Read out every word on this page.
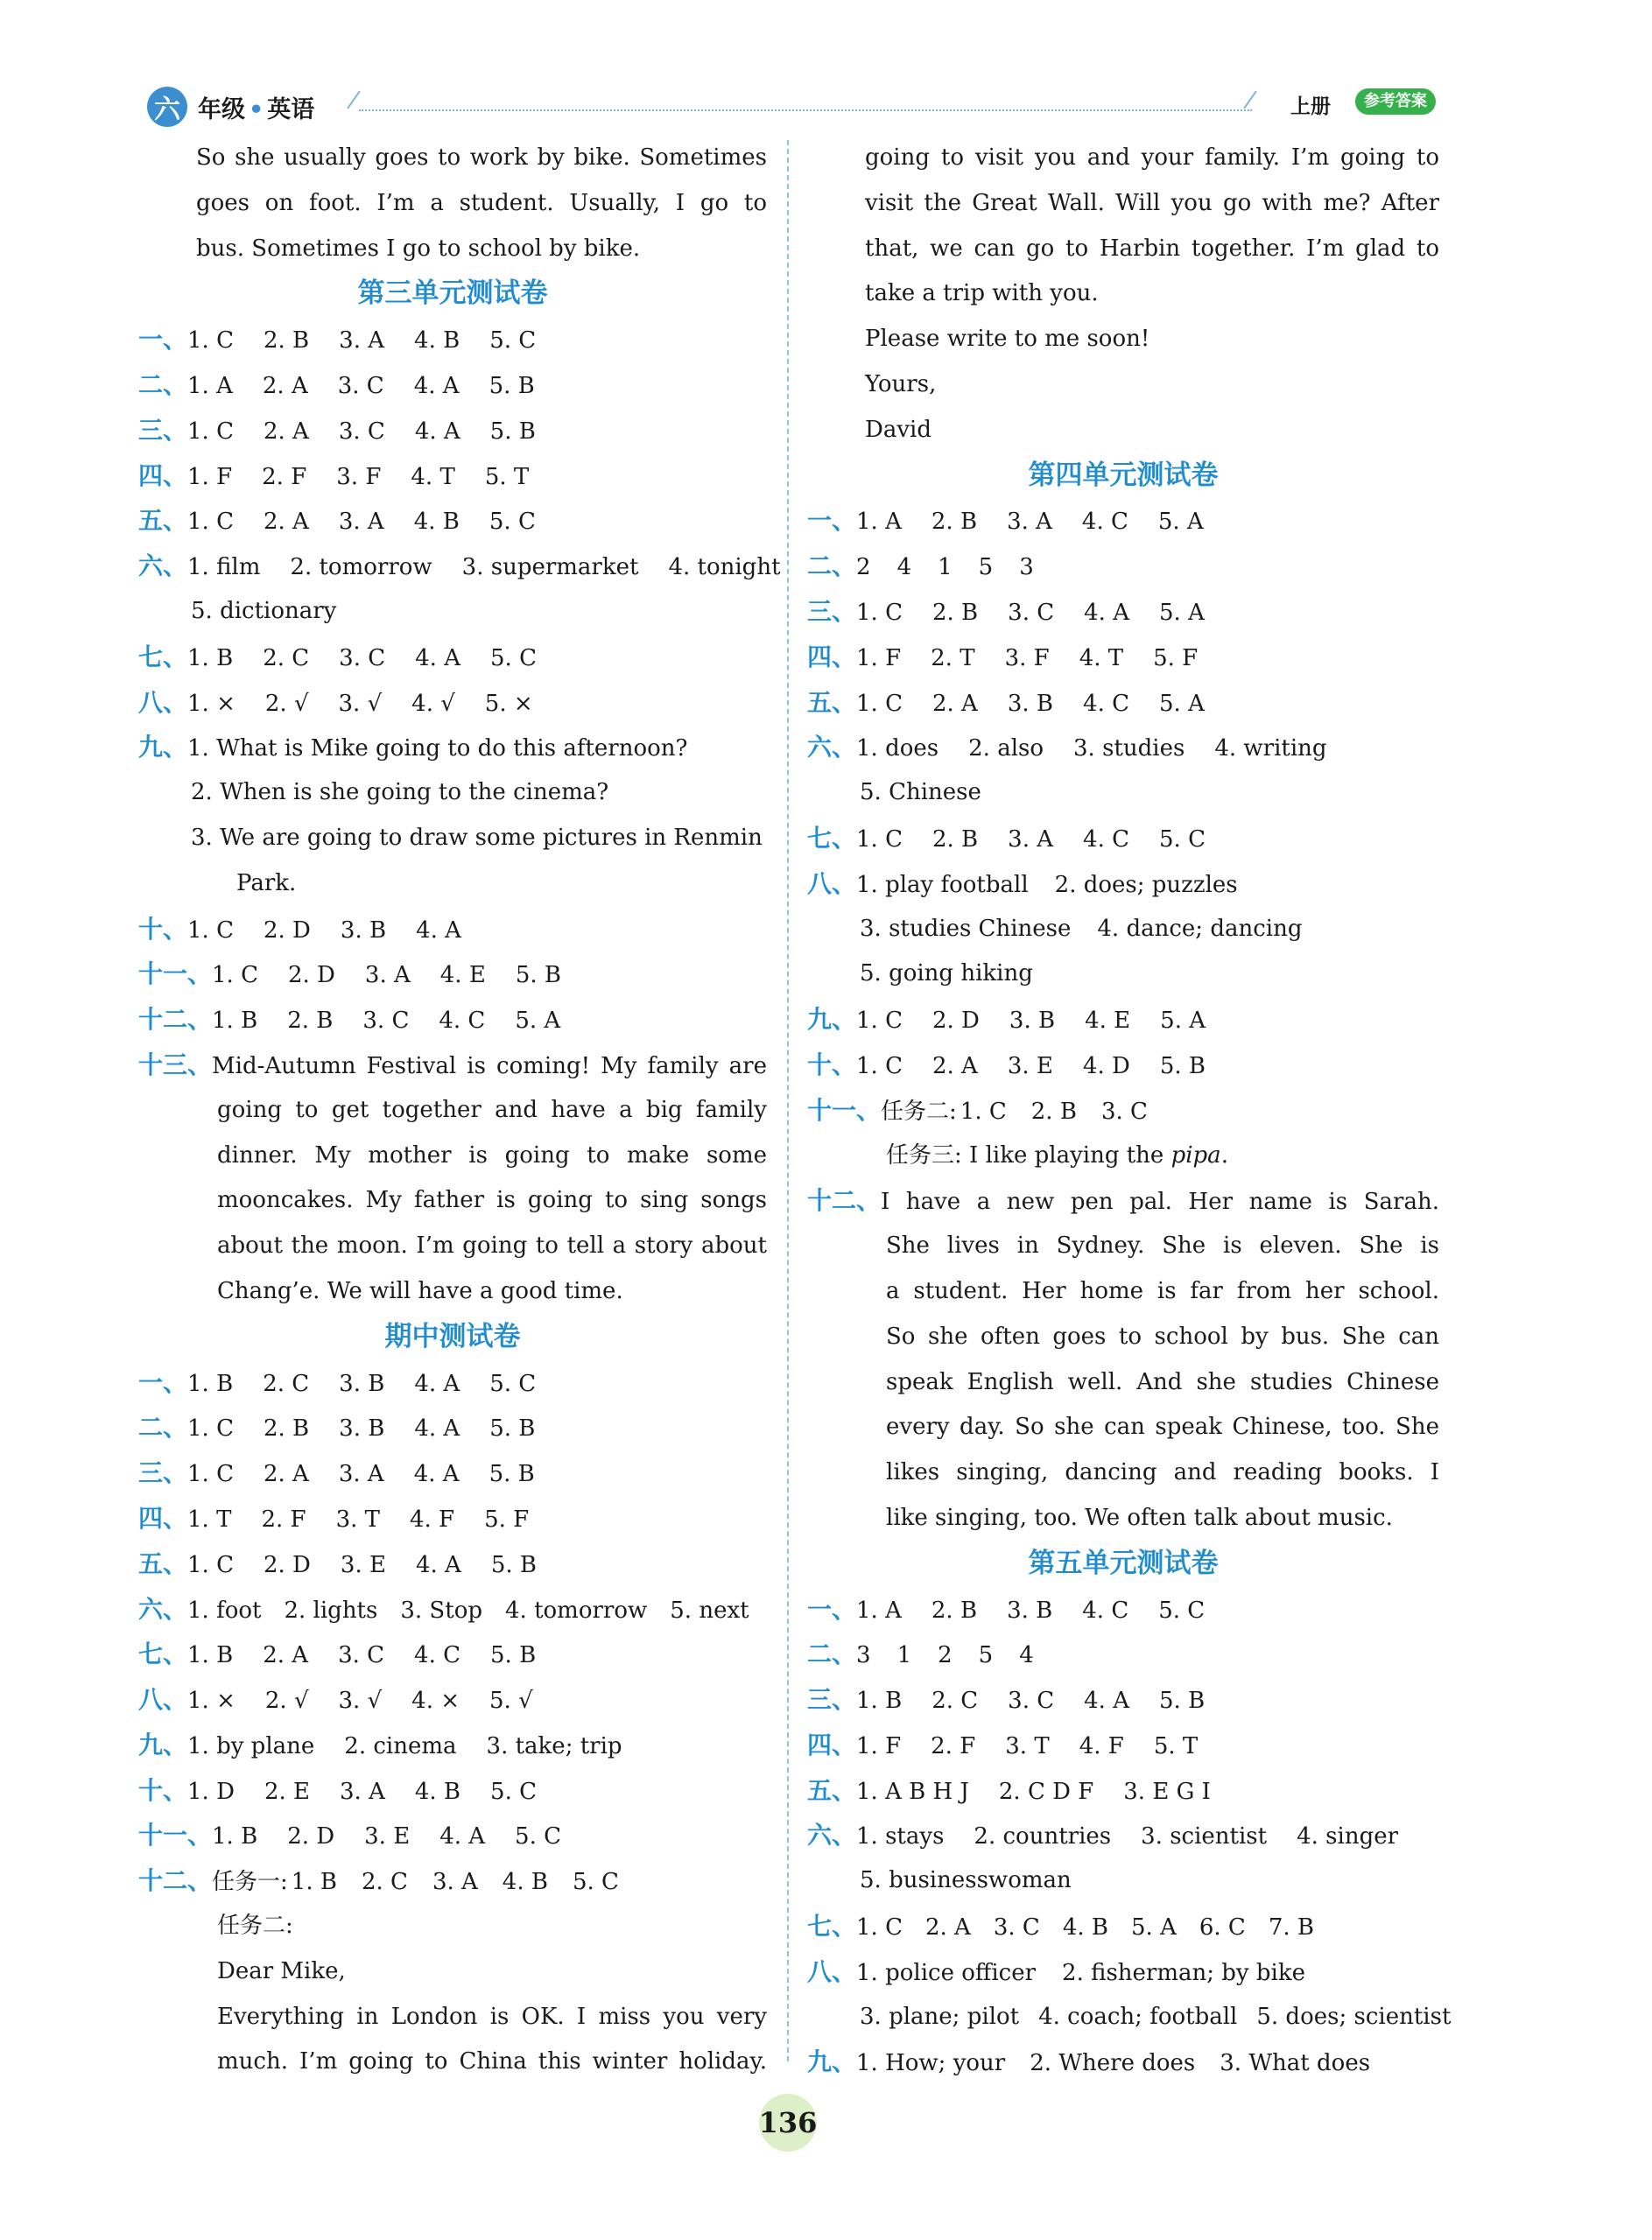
六 年级 • 英语	上册	参考答案
So she usually goes to work by bike. Sometimes
goes on foot. I’m a student. Usually, I go to
bus. Sometimes I go to school by bike.
第三单元测试卷
一、 1. C 2. B 3. A 4. B 5. C
二、 1. A 2. A 3. C 4. A 5. B
三、 1. C 2. A 3. C 4. A 5. B
四、 1. F 2. F 3. F 4. T 5. T
五、 1. C 2. A 3. A 4. B 5. C
六、 1. film 2. tomorrow 3. supermarket 4. tonight
5. dictionary
七、 1. B 2. C 3. C 4. A 5. C
八、 1. × 2. √ 3. √ 4. √ 5. ×
九、 1. What is Mike going to do this afternoon?
2. When is she going to the cinema?
3. We are going to draw some pictures in Renmin
Park.
十、 1. C 2. D 3. B 4. A
十一、 1. C 2. D 3. A 4. E 5. B
十二、 1. B 2. B 3. C 4. C 5. A
十三、 Mid-Autumn Festival is coming! My family are
going to get together and have a big family
dinner. My mother is going to make some
mooncakes. My father is going to sing songs
about the moon. I’m going to tell a story about
Chang’e. We will have a good time.
期中测试卷
一、 1. B 2. C 3. B 4. A 5. C
二、 1. C 2. B 3. B 4. A 5. B
三、 1. C 2. A 3. A 4. A 5. B
四、 1. T 2. F 3. T 4. F 5. F
五、 1. C 2. D 3. E 4. A 5. B
六、 1. foot 2. lights 3. Stop 4. tomorrow 5. next
七、 1. B 2. A 3. C 4. C 5. B
八、 1. × 2. √ 3. √ 4. × 5. √
九、 1. by plane 2. cinema 3. take; trip
十、 1. D 2. E 3. A 4. B 5. C
十一、 1. B 2. D 3. E 4. A 5. C
十二、 任务一: 1. B 2. C 3. A 4. B 5. C
任务二:
Dear Mike,
Everything in London is OK. I miss you very
much. I’m going to China this winter holiday.
going to visit you and your family. I’m going to
visit the Great Wall. Will you go with me? After
that, we can go to Harbin together. I’m glad to
take a trip with you.
Please write to me soon!
Yours,
David
第四单元测试卷
一、 1. A 2. B 3. A 4. C 5. A
二、 2 4 1 5 3
三、 1. C 2. B 3. C 4. A 5. A
四、 1. F 2. T 3. F 4. T 5. F
五、 1. C 2. A 3. B 4. C 5. A
六、 1. does 2. also 3. studies 4. writing
5. Chinese
七、 1. C 2. B 3. A 4. C 5. C
八、 1. play football 2. does; puzzles
3. studies Chinese 4. dance; dancing
5. going hiking
九、 1. C 2. D 3. B 4. E 5. A
十、 1. C 2. A 3. E 4. D 5. B
十一、 任务二: 1. C 2. B 3. C
任务三: I like playing the pipa.
十二、 I have a new pen pal. Her name is Sarah.
She lives in Sydney. She is eleven. She is
a student. Her home is far from her school.
So she often goes to school by bus. She can
speak English well. And she studies Chinese
every day. So she can speak Chinese, too. She
likes singing, dancing and reading books. I
like singing, too. We often talk about music.
第五单元测试卷
一、 1. A 2. B 3. B 4. C 5. C
二、 3 1 2 5 4
三、 1. B 2. C 3. C 4. A 5. B
四、 1. F 2. F 3. T 4. F 5. T
五、 1. A B H J 2. C D F 3. E G I
六、 1. stays 2. countries 3. scientist 4. singer
5. businesswoman
七、 1. C 2. A 3. C 4. B 5. A 6. C 7. B
八、 1. police officer 2. fisherman; by bike
3. plane; pilot 4. coach; football 5. does; scientist
九、 1. How; your 2. Where does 3. What does
136
